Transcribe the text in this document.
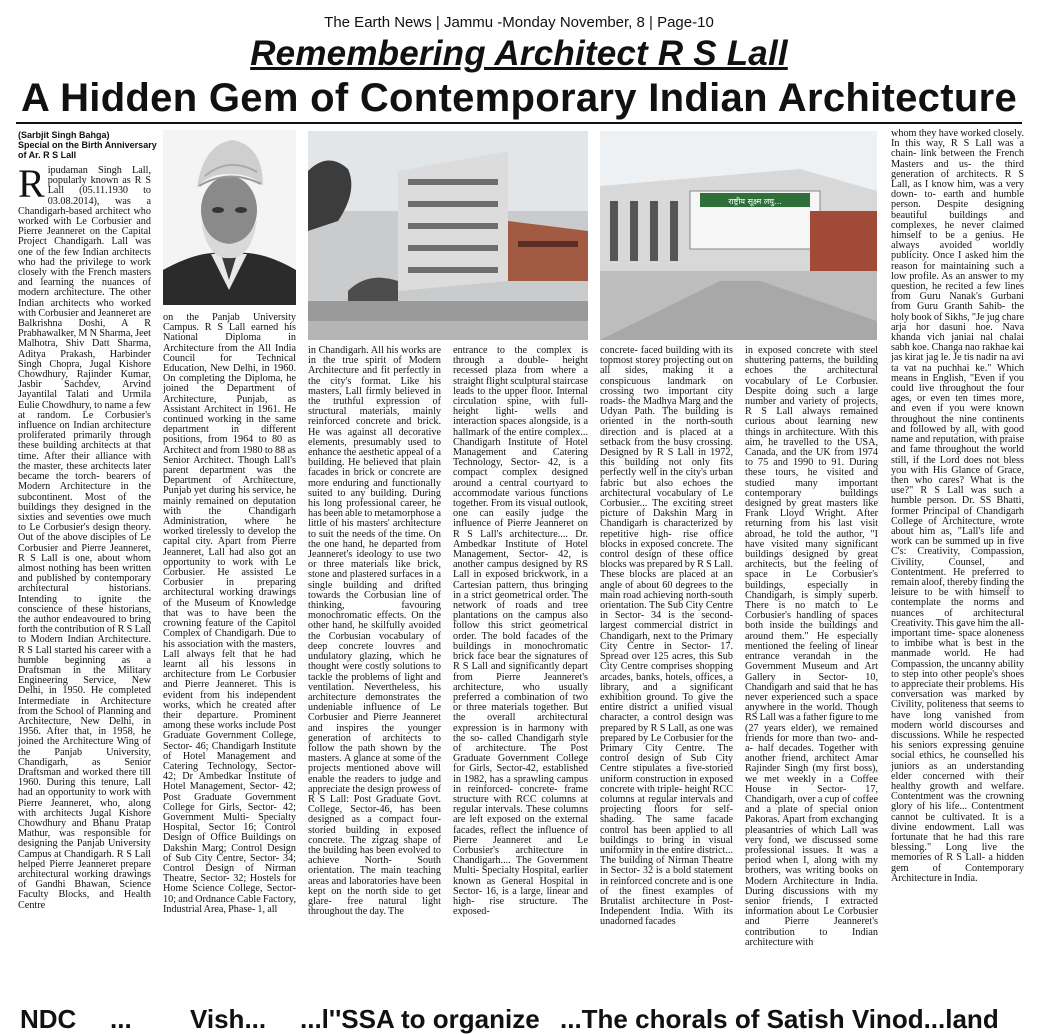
The Earth News | Jammu -Monday November, 8 | Page-10
Remembering Architect R S Lall
A Hidden Gem of Contemporary Indian Architecture
(Sarbjit Singh Bahga)
Special on the Birth Anniversary of Ar. R S Lall
राष्ट्रीय सूक्ष्म लघु...
R ipudaman Singh Lall, popularly known as R S Lall (05.11.1930 to 03.08.2014), was a Chandigarh-based architect who worked with Le Corbusier and Pierre Jeanneret on the Capital Project Chandigarh. Lall was one of the few Indian architects who had the privilege to work closely with the French masters and learning the nuances of modern architecture. The other Indian architects who worked with Corbusier and Jeanneret are Balkrishna Doshi, A R Prabhawalker, M N Sharma, Jeet Malhotra, Shiv Datt Sharma, Aditya Prakash, Harbinder Singh Chopra, Jugal Kishore Chowdhury, Rajinder Kumar, Jasbir Sachdev, Arvind Jayantilal Talati and Urmila Eulie Chowdhury, to name a few at random. Le Corbusier's influence on Indian architecture proliferated primarily through these building architects at that time. After their alliance with the master, these architects later became the torch- bearers of Modern Architecture in the subcontinent. Most of the buildings they designed in the sixties and seventies owe much to Le Corbusier's design theory. Out of the above disciples of Le Corbusier and Pierre Jeanneret, R S Lall is one, about whom almost nothing has been written and published by contemporary architectural historians. Intending to ignite the conscience of these historians, the author endeavoured to bring forth the contribution of R S Lall to Modern Indian Architecture. R S Lall started his career with a humble beginning as a Draftsman in the Military Engineering Service, New Delhi, in 1950. He completed Intermediate in Architecture from the School of Planning and Architecture, New Delhi, in 1956. After that, in 1958, he joined the Architecture Wing of the Panjab University, Chandigarh, as Senior Draftsman and worked there till 1960. During this tenure, Lall had an opportunity to work with Pierre Jeanneret, who, along with architects Jugal Kishore Chowdhury and Bhanu Pratap Mathur, was responsible for designing the Panjab University Campus at Chandigarh. R S Lall helped Pierre Jeanneret prepare architectural working drawings of Gandhi Bhawan, Science Faculty Blocks, and Health Centre

on the Panjab University Campus. R S Lall earned his National Diploma in Architecture from the All India Council for Technical Education, New Delhi, in 1960. On completing the Diploma, he joined the Department of Architecture, Punjab, as Assistant Architect in 1961. He continued working in the same department in different positions, from 1964 to 80 as Architect and from 1980 to 88 as Senior Architect. Though Lall's parent department was the Department of Architecture, Punjab yet during his service, he mainly remained on deputation with the Chandigarh Administration, where he worked tirelessly to develop the capital city. Apart from Pierre Jeanneret, Lall had also got an opportunity to work with Le Corbusier. He assisted Le Corbusier in preparing architectural working drawings of the Museum of Knowledge that was to have been the crowning feature of the Capitol Complex of Chandigarh. Due to his association with the masters, Lall always felt that he had learnt all his lessons in architecture from Le Corbusier and Pierre Jeanneret. This is evident from his independent works, which he created after their departure. Prominent among these works include Post Graduate Government College, Sector- 46; Chandigarh Institute of Hotel Management and Catering Technology, Sector- 42; Dr Ambedkar Institute of Hotel Management, Sector- 42; Post Graduate Government College for Girls, Sector- 42; Government Multi- Specialty Hospital, Sector 16; Control Design of Office Buildings on Dakshin Marg; Control Design of Sub City Centre, Sector- 34; Control Design of Nirman Theatre, Sector- 32; Hostels for Home Science College, Sector- 10; and Ordnance Cable Factory, Industrial Area, Phase- 1, all

in Chandigarh. All his works are in the true spirit of Modern Architecture and fit perfectly in the city's format. Like his masters, Lall firmly believed in the truthful expression of structural materials, mainly reinforced concrete and brick. He was against all decorative elements, presumably used to enhance the aesthetic appeal of a building. He believed that plain facades in brick or concrete are more enduring and functionally suited to any building. During his long professional career, he has been able to metamorphose a little of his masters' architecture to suit the needs of the time. On the one hand, he departed from Jeanneret's ideology to use two or three materials like brick, stone and plastered surfaces in a single building and drifted towards the Corbusian line of thinking, favouring monochromatic effects. On the other hand, he skilfully avoided the Corbusian vocabulary of deep concrete louvres and undulatory glazing, which he thought were costly solutions to tackle the problems of light and ventilation. Nevertheless, his architecture demonstrates the undeniable influence of Le Corbusier and Pierre Jeanneret and inspires the younger generation of architects to follow the path shown by the masters. A glance at some of the projects mentioned above will enable the readers to judge and appreciate the design prowess of R S Lall: Post Graduate Govt. College, Sector-46, has been designed as a compact four- storied building in exposed concrete. The zigzag shape of the building has been evolved to achieve North- South orientation. The main teaching areas and laboratories have been kept on the north side to get glare- free natural light throughout the day. The

entrance to the complex is through a double- height recessed plaza from where a straight flight sculptural staircase leads to the upper floor. Internal circulation spine, with full- height light- wells and interaction spaces alongside, is a hallmark of the entire complex... Chandigarh Institute of Hotel Management and Catering Technology, Sector- 42, is a compact complex designed around a central courtyard to accommodate various functions together. From its visual outlook, one can easily judge the influence of Pierre Jeanneret on R S Lall's architecture.... Dr. Ambedkar Institute of Hotel Management, Sector- 42, is another campus designed by RS Lall in exposed brickwork, in a Cartesian pattern, thus bringing in a strict geometrical order. The network of roads and tree plantations on the campus also follow this strict geometrical order. The bold facades of the buildings in monochromatic brick face bear the signatures of R S Lall and significantly depart from Pierre Jeanneret's architecture, who usually preferred a combination of two or three materials together. But the overall architectural expression is in harmony with the so- called Chandigarh style of architecture. The Post Graduate Government College for Girls, Sector-42, established in 1982, has a sprawling campus in reinforced- concrete- frame structure with RCC columns at regular intervals. These columns are left exposed on the external facades, reflect the influence of Pierre Jeanneret and Le Corbusier's architecture in Chandigarh.... The Government Multi- Specialty Hospital, earlier known as General Hospital in Sector- 16, is a large, linear and high- rise structure. The exposed-

concrete- faced building with its topmost storey projecting out on all sides, making it a conspicuous landmark on crossing two important city roads- the Madhya Marg and the Udyan Path. The building is oriented in the north-south direction and is placed at a setback from the busy crossing. Designed by R S Lall in 1972, this building not only fits perfectly well in the city's urban fabric but also echoes the architectural vocabulary of Le Corbusier... The exciting street picture of Dakshin Marg in Chandigarh is characterized by repetitive high- rise office blocks in exposed concrete. The control design of these office blocks was prepared by R S Lall. These blocks are placed at an angle of about 60 degrees to the main road achieving north-south orientation. The Sub City Centre in Sector- 34 is the second-largest commercial district in Chandigarh, next to the Primary City Centre in Sector- 17. Spread over 125 acres, this Sub City Centre comprises shopping arcades, banks, hotels, offices, a library, and a significant exhibition ground. To give the entire district a unified visual character, a control design was prepared by R S Lall, as one was prepared by Le Corbusier for the Primary City Centre. The control design of Sub City Centre stipulates a five-storied uniform construction in exposed concrete with triple- height RCC columns at regular intervals and projecting floors for self-shading. The same facade control has been applied to all buildings to bring in visual uniformity in the entire district... The building of Nirman Theatre in Sector- 32 is a bold statement in reinforced concrete and is one of the finest examples of Brutalist architecture in Post- Independent India. With its unadorned facades

in exposed concrete with steel shuttering patterns, the building echoes the architectural vocabulary of Le Corbusier. Despite doing such a large number and variety of projects, R S Lall always remained curious about learning new things in architecture. With this aim, he travelled to the USA, Canada, and the UK from 1974 to 75 and 1990 to 91. During these tours, he visited and studied many important contemporary buildings designed by great masters like Frank Lloyd Wright. After returning from his last visit abroad, he told the author, "I have visited many significant buildings designed by great architects, but the feeling of space in Le Corbusier's buildings, especially in Chandigarh, is simply superb. There is no match to Le Corbusier's handling of spaces both inside the buildings and around them." He especially mentioned the feeling of linear entrance verandah in the Government Museum and Art Gallery in Sector- 10, Chandigarh and said that he has never experienced such a space anywhere in the world. Though RS Lall was a father figure to me (27 years elder), we remained friends for more than two- and- a- half decades. Together with another friend, architect Amar Rajinder Singh (my first boss), we met weekly in a Coffee House in Sector- 17, Chandigarh, over a cup of coffee and a plate of special onion Pakoras. Apart from exchanging pleasantries of which Lall was very fond, we discussed some professional issues. It was a period when I, along with my brothers, was writing books on Modern Architecture in India. During discussions with my senior friends, I extracted information about Le Corbusier and Pierre Jeanneret's contribution to Indian architecture with

whom they have worked closely. In this way, R S Lall was a chain- link between the French Masters and us- the third generation of architects. R S Lall, as I know him, was a very down- to- earth and humble person. Despite designing beautiful buildings and complexes, he never claimed himself to be a genius. He always avoided worldly publicity. Once I asked him the reason for maintaining such a low profile. As an answer to my question, he recited a few lines from Guru Nanak's Gurbani from Guru Granth Sahib- the holy book of Sikhs, "Je jug chare arja hor dasuni hoe. Nava khanda vich janiai nal chalai sabh koe. Changa nao rakhae kai jas kirat jag le. Je tis nadir na avi ta vat na puchhai ke." Which means in English, "Even if you could live throughout the four ages, or even ten times more, and even if you were known throughout the nine continents and followed by all, with good name and reputation, with praise and fame throughout the world still, if the Lord does not bless you with His Glance of Grace, then who cares? What is the use?" R S Lall was such a humble person. Dr. SS Bhatti, former Principal of Chandigarh College of Architecture, wrote about him as, "Lall's life and work can be summed up in five C's: Creativity, Compassion, Civility, Counsel, and Contentment. He preferred to remain aloof, thereby finding the leisure to be with himself to contemplate the norms and nuances of architectural Creativity. This gave him the all- important time- space aloneness to imbibe what is best in the manmade world. He had Compassion, the uncanny ability to step into other people's shoes to appreciate their problems. His conversation was marked by Civility, politeness that seems to have long vanished from modern world discourses and discussions. While he respected his seniors expressing genuine social ethics, he counselled his juniors as an understanding elder concerned with their healthy growth and welfare. Contentment was the crowning glory of his life... Contentment cannot be cultivated. It is a divine endowment. Lall was fortunate that he had this rare blessing." Long live the memories of R S Lall- a hidden gem of Contemporary Architecture in India.

NDC ... Vish... ...l''SSA to organize ...The chorals of Satish Vinod...land
